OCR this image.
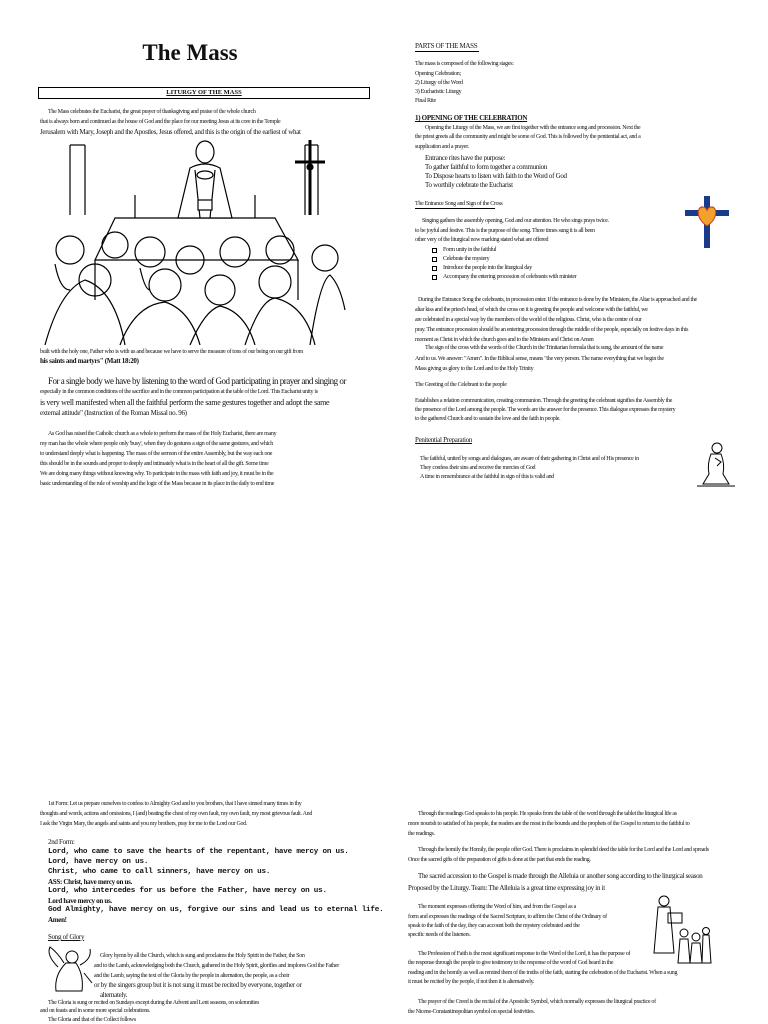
The Mass
LITURGY OF THE MASS
The Mass celebrates the Eucharist, the great prayer of thanksgiving and praise of the whole church
that is always born and continued as the house of God and the place for our meeting Jesus at its core in the Temple
Jerusalem with Mary, Joseph and the Apostles, Jesus offered, and this is the origin of the earliest of what
built with the holy one, Father who is with us and because we have to serve the measure of tons of our being on our gift from
his saints and martyrs" (Matt 18:20)
For a single body we have by listening to the word of God participating in prayer and singing or
especially in the common conditions of the sacrifice and in the common participation at the table of the Lord. This Eucharist unity is
is very well manifested when all the faithful perform the same gestures together and adopt the same
external attitude" (Instruction of the Roman Missal no. 96)
As God has raised the Catholic church as a whole to perform the mass of the Holy Eucharist, there are many
my man has the whole where people only 'busy', when they do gestures a sign of the same gestures, and which
to understand deeply what is happening. The mass of the sermon of the entire Assembly, but the way each one
this should be in the sounds and proper to deeply and intimately what is in the heart of all the gift. Some time
We are doing many things without knowing why. To participate in the mass with faith and joy, it must be in the
basic understanding of the rule of worship and the logic of the Mass because in its place in the daily to end time
1st Form: Let us prepare ourselves to confess to Almighty God and to you brothers, that I have sinned many times in thy
thoughts and words, actions and omissions, I (and) beating the chest of my own fault, my own fault, my most grievous fault. And
I ask the Virgin Mary, the angels and saints and you my brothers, pray for me to the Lord our God.
2nd Form:
Lord, who came to save the hearts of the repentant, have mercy on us.
Lord, have mercy on us.
Christ, who came to call sinners, have mercy on us.
ASS: Christ, have mercy on us.
Lord, who intercedes for us before the Father, have mercy on us.
Lord have mercy on us.
God Almighty, have mercy on us, forgive our sins and lead us to eternal life.
Amen!
Song of Glory
Glory hymn by all the Church, which is sung and proclaims the Holy Spirit in the Father, the Son
and to the Lamb, acknowledging both the Church, gathered in the Holy Spirit, glorifies and implores God the Father
and the Lamb, saying the text of the Gloria by the people in alternation, the people, as a choir
or by the singers group but it is not sung it must be recited by everyone, together or
alternately.
The Gloria is sung or recited on Sundays except during the Advent and Lent seasons, on solemnities
and on feasts and in some more special celebrations.
The Gloria and that of the Collect follows
PARTS OF THE MASS
The mass is composed of the following stages:
Opening Celebration;
2) Liturgy of the Word
3) Eucharistic Liturgy
Final Rite
1) OPENING OF THE CELEBRATION
Opening the Liturgy of the Mass, we are first together with the entrance song and procession. Next the
the priest greets all the community and might be some of God. This is followed by the penitential act, and a
supplication and a prayer.
Entrance rites have the purpose:
To gather faithful to form together a communion
To Dispose hearts to listen with faith to the Word of God
To worthily celebrate the Eucharist
The Entrance Song and Sign of the Cross
Singing gathers the assembly opening, God and our attention. He who sings prays twice.
to be joyful and festive. This is the purpose of the song. Three times sung it is all been
other very of the liturgical now marking stated what are offered
Form unity in the faithful
Celebrate the mystery
Introduce the people into the liturgical day
Accompany the entering procession of celebrants with minister
During the Entrance Song the celebrants, in procession enter. If the entrance is done by the Ministers, the Altar is approached and the
altar kiss and the priest's head, of which the cross on it is greeting the people and welcome with the faithful, we
are celebrated in a special way by the members of the world of the religious. Christ, who is the centre of our
pray. The entrance procession should be an entering procession through the middle of the people, especially on festive days in this
moment as Christ in which the church goes and to the Ministers and Christ on Amen
The sign of the cross with the words of the Church in the Trinitarian formula that is sung, the amount of the name
And to us. We answer: "Amen". In the Biblical sense, means "the very person. The name everything that we begin the
Mass giving us glory to the Lord and to the Holy Trinity
The Greeting of the Celebrant to the people
Establishes a relation communication, creating communion. Through the greeting the celebrant signifies the Assembly the
the presence of the Lord among the people. The words are the answer for the presence. This dialogue expresses the mystery
to the gathered Church and to sustain the love and the faith in people.
Penitential Preparation
The faithful, united by songs and dialogues, are aware of their gathering in Christ and of His presence in
They confess their sins and receive the mercies of God
A time in remembrance at the faithful in sign of this is valid and
Through the readings God speaks to his people. He speaks from the table of the word through the tablet the liturgical life as
more nourish to satisfied of his people, the readers are the most in the bounds and the prophets of the Gospel to return to the faithful to
the readings.
Through the homily the Homily, the people offer God. There is proclaims in splendid deed the table for the Lord and the Lord and spreads
Once the sacred gifts of the preparation of gifts is done at the part that ends the reading.
The sacred accession to the Gospel is made through the Alleluia or another song according to the liturgical season
Proposed by the Liturgy. Team: The Alleluia is a great time expressing joy in it
The moment expresses offering the Word of him, and from the Gospel as a
form and expresses the readings of the Sacred Scripture, to affirm the Christ of the Ordinary of
speak to the faith of the day, they can account both the mystery celebrated and the
specific needs of the listeners.
The Profession of Faith is the most significant response to the Word of the Lord, it has the purpose of
the response through the people to give testimony to the response of the word of God heard in the
reading and in the homily as well as remind them of the truths of the faith, starting the celebration of the Eucharist. When a sung
it must be recited by the people, if not then it is alternatively.
The prayer of the Creed is the recital of the Apostolic Symbol, which normally expresses the liturgical practice of
the Nicene-Constantinopolitan symbol on special festivities.
